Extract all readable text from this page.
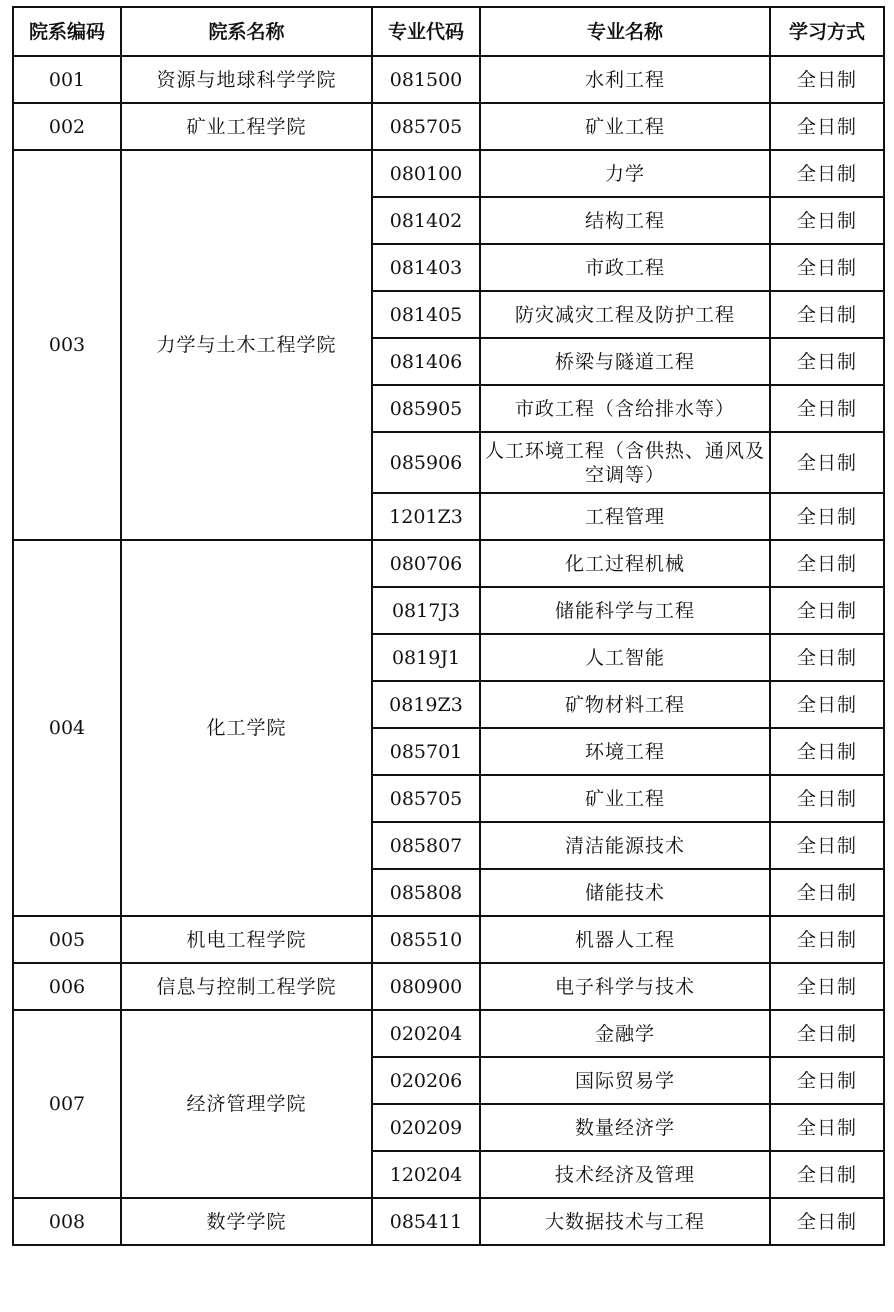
院系编码	院系名称	专业代码	专业名称	学习方式
001	资源与地球科学学院	081500	水利工程	全日制
002	矿业工程学院	085705	矿业工程	全日制
003	力学与土木工程学院	080100	力学	全日制
		081402	结构工程	全日制
		081403	市政工程	全日制
		081405	防灾减灾工程及防护工程	全日制
		081406	桥梁与隧道工程	全日制
		085905	市政工程（含给排水等）	全日制
		085906	人工环境工程（含供热、通风及空调等）	全日制
		1201Z3	工程管理	全日制
004	化工学院	080706	化工过程机械	全日制
		0817J3	储能科学与工程	全日制
		0819J1	人工智能	全日制
		0819Z3	矿物材料工程	全日制
		085701	环境工程	全日制
		085705	矿业工程	全日制
		085807	清洁能源技术	全日制
		085808	储能技术	全日制
005	机电工程学院	085510	机器人工程	全日制
006	信息与控制工程学院	080900	电子科学与技术	全日制
007	经济管理学院	020204	金融学	全日制
		020206	国际贸易学	全日制
		020209	数量经济学	全日制
		120204	技术经济及管理	全日制
008	数学学院	085411	大数据技术与工程	全日制
